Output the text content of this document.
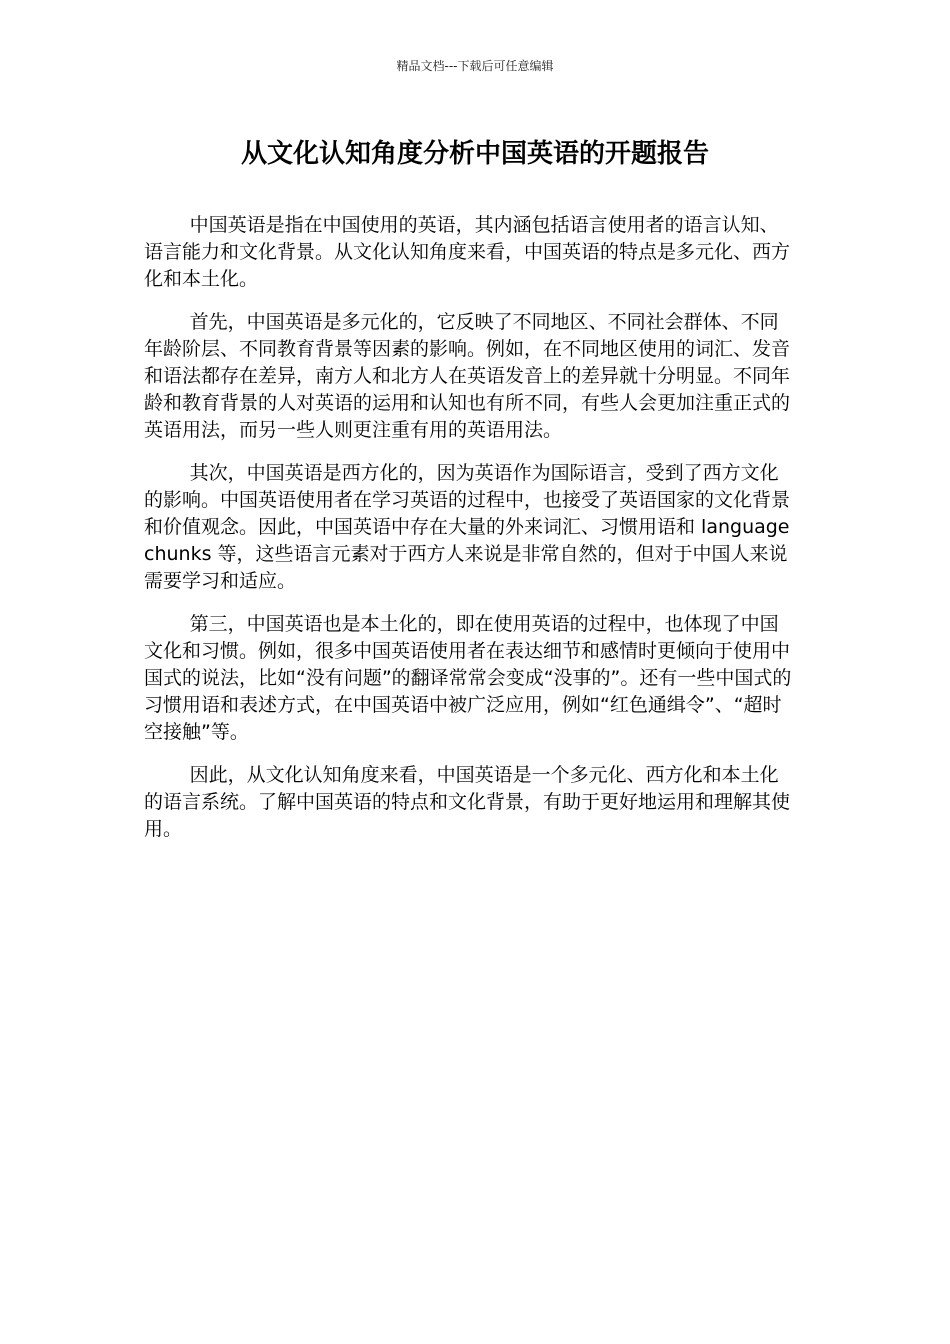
精品文档---下载后可任意编辑
从文化认知角度分析中国英语的开题报告

中国英语是指在中国使用的英语，其内涵包括语言使用者的语言认知、语言能力和文化背景。从文化认知角度来看，中国英语的特点是多元化、西方化和本土化。

首先，中国英语是多元化的，它反映了不同地区、不同社会群体、不同年龄阶层、不同教育背景等因素的影响。例如，在不同地区使用的词汇、发音和语法都存在差异，南方人和北方人在英语发音上的差异就十分明显。不同年龄和教育背景的人对英语的运用和认知也有所不同，有些人会更加注重正式的英语用法，而另一些人则更注重有用的英语用法。

其次，中国英语是西方化的，因为英语作为国际语言，受到了西方文化的影响。中国英语使用者在学习英语的过程中，也接受了英语国家的文化背景和价值观念。因此，中国英语中存在大量的外来词汇、习惯用语和 language chunks 等，这些语言元素对于西方人来说是非常自然的，但对于中国人来说需要学习和适应。

第三，中国英语也是本土化的，即在使用英语的过程中，也体现了中国文化和习惯。例如，很多中国英语使用者在表达细节和感情时更倾向于使用中国式的说法，比如“没有问题”的翻译常常会变成“没事的”。还有一些中国式的习惯用语和表述方式，在中国英语中被广泛应用，例如“红色通缉令”、“超时空接触”等。

因此，从文化认知角度来看，中国英语是一个多元化、西方化和本土化的语言系统。了解中国英语的特点和文化背景，有助于更好地运用和理解其使用。
